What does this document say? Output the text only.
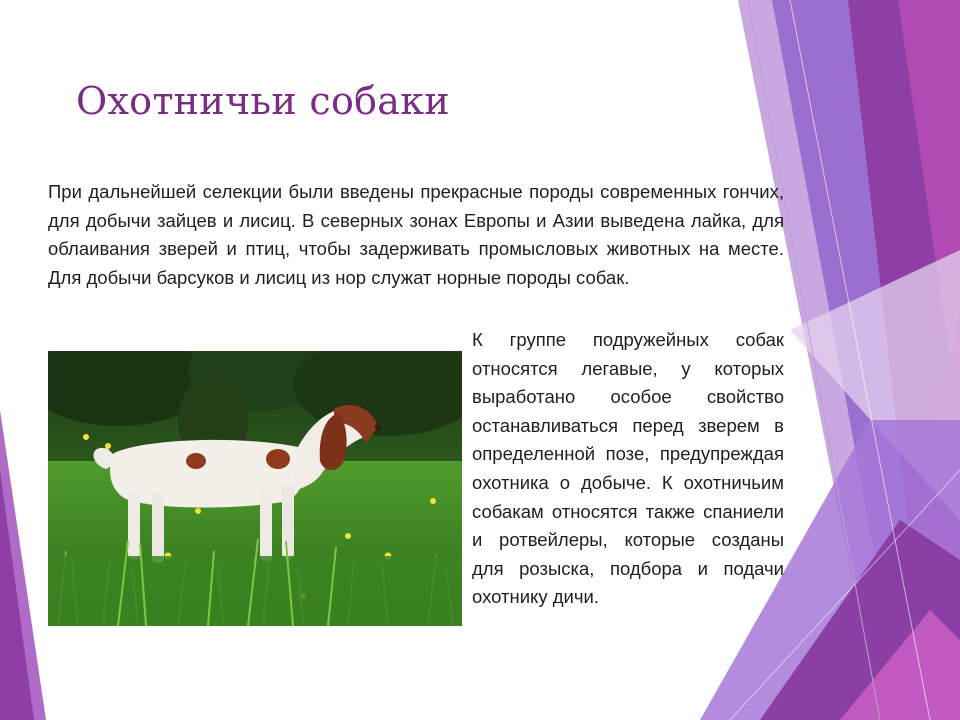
Охотничьи собаки

При дальнейшей селекции были введены прекрасные породы современных гончих, для добычи зайцев и лисиц. В северных зонах Европы и Азии выведена лайка, для облаивания зверей и птиц, чтобы задерживать промысловых животных на месте. Для добычи барсуков и лисиц из нор служат норные породы собак.

К группе подружейных собак относятся легавые, у которых выработано особое свойство останавливаться перед зверем в определенной позе, предупреждая охотника о добыче. К охотничьим собакам относятся также спаниели и ротвейлеры, которые созданы для розыска, подбора и подачи охотнику дичи.
